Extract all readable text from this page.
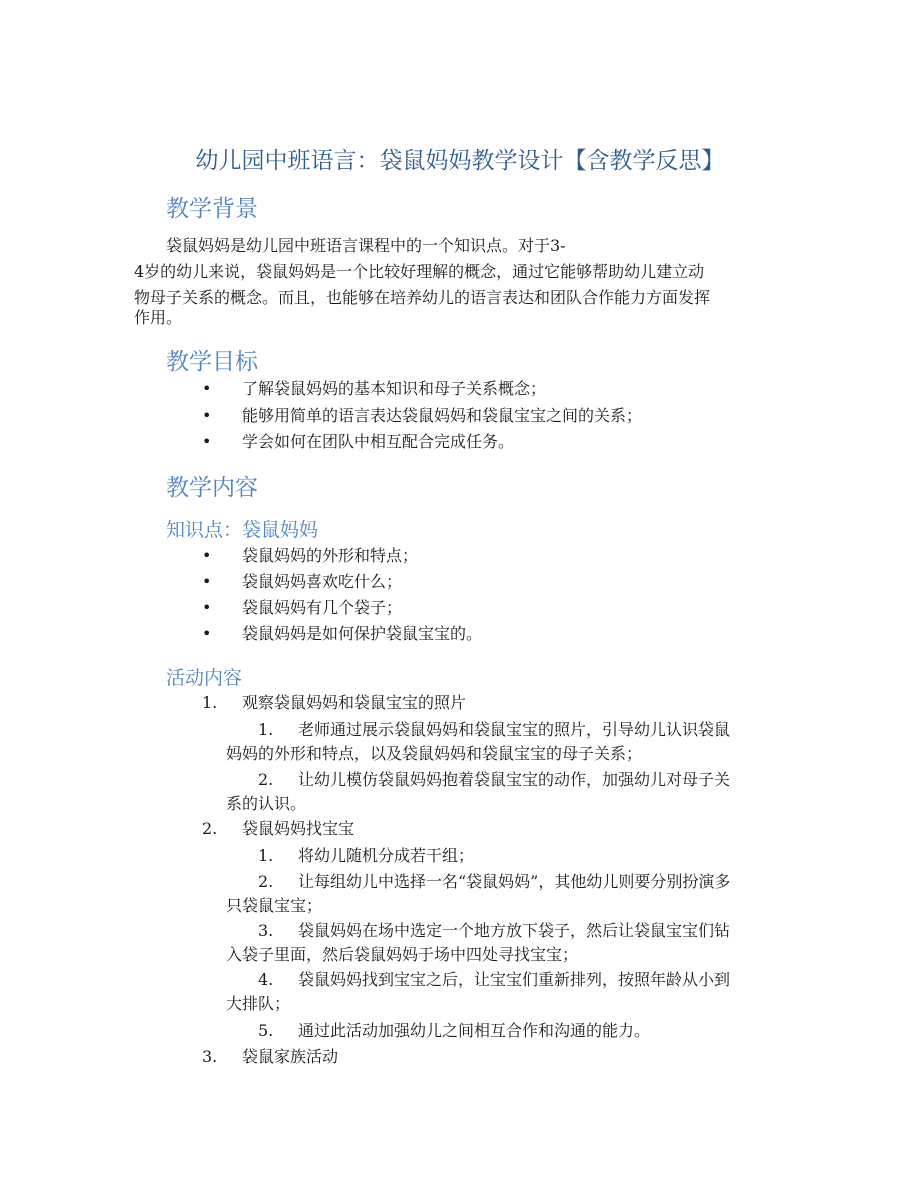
幼儿园中班语言：袋鼠妈妈教学设计【含教学反思】
教学背景

袋鼠妈妈是幼儿园中班语言课程中的一个知识点。对于3-

4岁的幼儿来说，袋鼠妈妈是一个比较好理解的概念，通过它能够帮助幼儿建立动

物母子关系的概念。而且，也能够在培养幼儿的语言表达和团队合作能力方面发挥

作用。

教学目标
• 了解袋鼠妈妈的基本知识和母子关系概念；

• 能够用简单的语言表达袋鼠妈妈和袋鼠宝宝之间的关系；

• 学会如何在团队中相互配合完成任务。

教学内容
知识点：袋鼠妈妈
• 袋鼠妈妈的外形和特点；

• 袋鼠妈妈喜欢吃什么；

• 袋鼠妈妈有几个袋子；

• 袋鼠妈妈是如何保护袋鼠宝宝的。

活动内容
1. 观察袋鼠妈妈和袋鼠宝宝的照片

1. 老师通过展示袋鼠妈妈和袋鼠宝宝的照片，引导幼儿认识袋鼠

妈妈的外形和特点，以及袋鼠妈妈和袋鼠宝宝的母子关系；

2. 让幼儿模仿袋鼠妈妈抱着袋鼠宝宝的动作，加强幼儿对母子关

系的认识。

2. 袋鼠妈妈找宝宝

1. 将幼儿随机分成若干组；

2. 让每组幼儿中选择一名“袋鼠妈妈”，其他幼儿则要分别扮演多

只袋鼠宝宝；

3. 袋鼠妈妈在场中选定一个地方放下袋子，然后让袋鼠宝宝们钻

入袋子里面，然后袋鼠妈妈于场中四处寻找宝宝；

4. 袋鼠妈妈找到宝宝之后，让宝宝们重新排列，按照年龄从小到

大排队；

5. 通过此活动加强幼儿之间相互合作和沟通的能力。

3. 袋鼠家族活动
